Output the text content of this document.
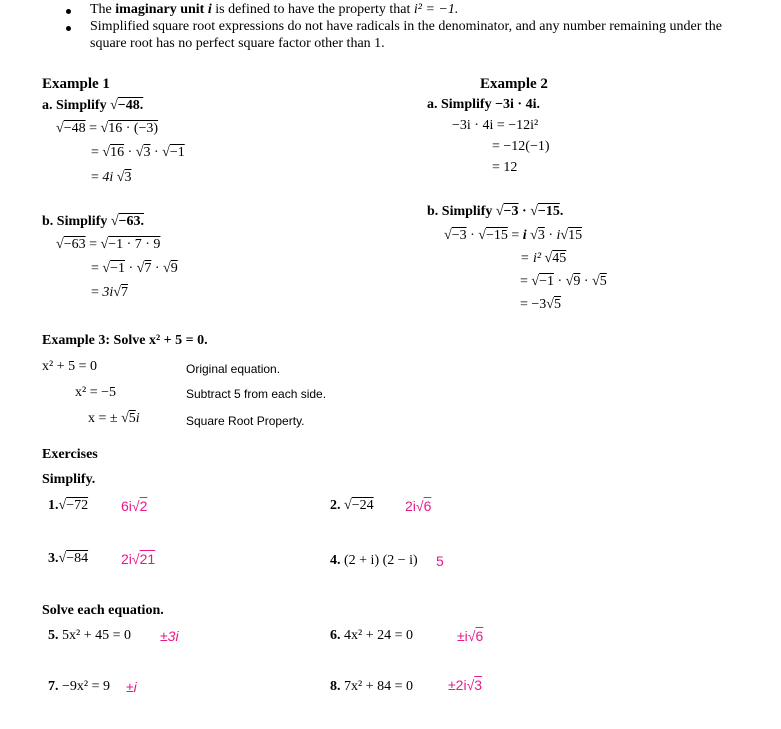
The imaginary unit i is defined to have the property that i² = −1.
Simplified square root expressions do not have radicals in the denominator, and any number remaining under the
square root has no perfect square factor other than 1.
Example 1
a. Simplify √ −48.
√ −48 = √ 16 · (−3)
= √ 16 · √ 3 · √ −1
= 4i √ 3
b. Simplify √ −63.
√ −63 = √ −1 · 7 · 9
= √ −1 · √ 7 · √ 9
= 3i √ 7
Example 2
a. Simplify −3i · 4i.
−3i · 4i = −12i²
= −12(−1)
= 12
b. Simplify √ −3 · √ −15.
√ −3 · √ −15 = i √ 3 · i √ 15
= i² √ 45
= √ −1 · √ 9 · √ 5
= −3 √ 5
Example 3: Solve x² + 5 = 0.
x² + 5 = 0	Original equation.
x² = −5	Subtract 5 from each side.
x = ± √ 5i	Square Root Property.
Exercises
Simplify.
1. √ −72 6i √ 2	2. √ −24 2i √ 6
3. √ −84 2i √ 21	4. (2 + i) (2 − i) 5
Solve each equation.
5. 5x² + 45 = 0 ±3i	6. 4x² + 24 = 0	±i √ 6
7. −9x² = 9 ±i	8. 7x² + 84 = 0	±2i √ 3
